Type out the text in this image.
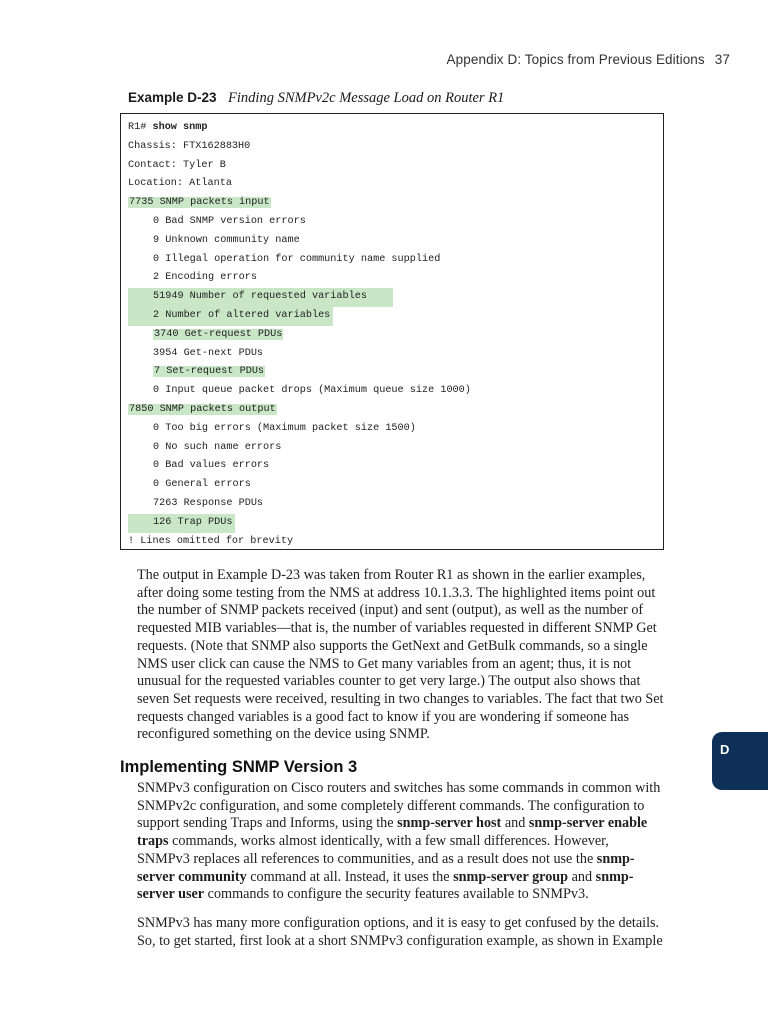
Appendix D: Topics from Previous Editions 37
Example D-23 Finding SNMPv2c Message Load on Router R1
R1# show snmp
Chassis: FTX162883H0
Contact: Tyler B
Location: Atlanta
7735 SNMP packets input
0 Bad SNMP version errors
9 Unknown community name
0 Illegal operation for community name supplied
2 Encoding errors
51949 Number of requested variables
2 Number of altered variables
3740 Get-request PDUs
3954 Get-next PDUs
7 Set-request PDUs
0 Input queue packet drops (Maximum queue size 1000)
7850 SNMP packets output
0 Too big errors (Maximum packet size 1500)
0 No such name errors
0 Bad values errors
0 General errors
7263 Response PDUs
126 Trap PDUs
! Lines omitted for brevity
The output in Example D-23 was taken from Router R1 as shown in the earlier examples, after doing some testing from the NMS at address 10.1.3.3. The highlighted items point out the number of SNMP packets received (input) and sent (output), as well as the number of requested MIB variables—that is, the number of variables requested in different SNMP Get requests. (Note that SNMP also supports the GetNext and GetBulk commands, so a single NMS user click can cause the NMS to Get many variables from an agent; thus, it is not unusual for the requested variables counter to get very large.) The output also shows that seven Set requests were received, resulting in two changes to variables. The fact that two Set requests changed variables is a good fact to know if you are wondering if someone has reconfigured something on the device using SNMP.
Implementing SNMP Version 3
SNMPv3 configuration on Cisco routers and switches has some commands in common with SNMPv2c configuration, and some completely different commands. The configuration to support sending Traps and Informs, using the snmp-server host and snmp-server enable traps commands, works almost identically, with a few small differences. However, SNMPv3 replaces all references to communities, and as a result does not use the snmp-server community command at all. Instead, it uses the snmp-server group and snmp-server user commands to configure the security features available to SNMPv3.
SNMPv3 has many more configuration options, and it is easy to get confused by the details. So, to get started, first look at a short SNMPv3 configuration example, as shown in Example
D
